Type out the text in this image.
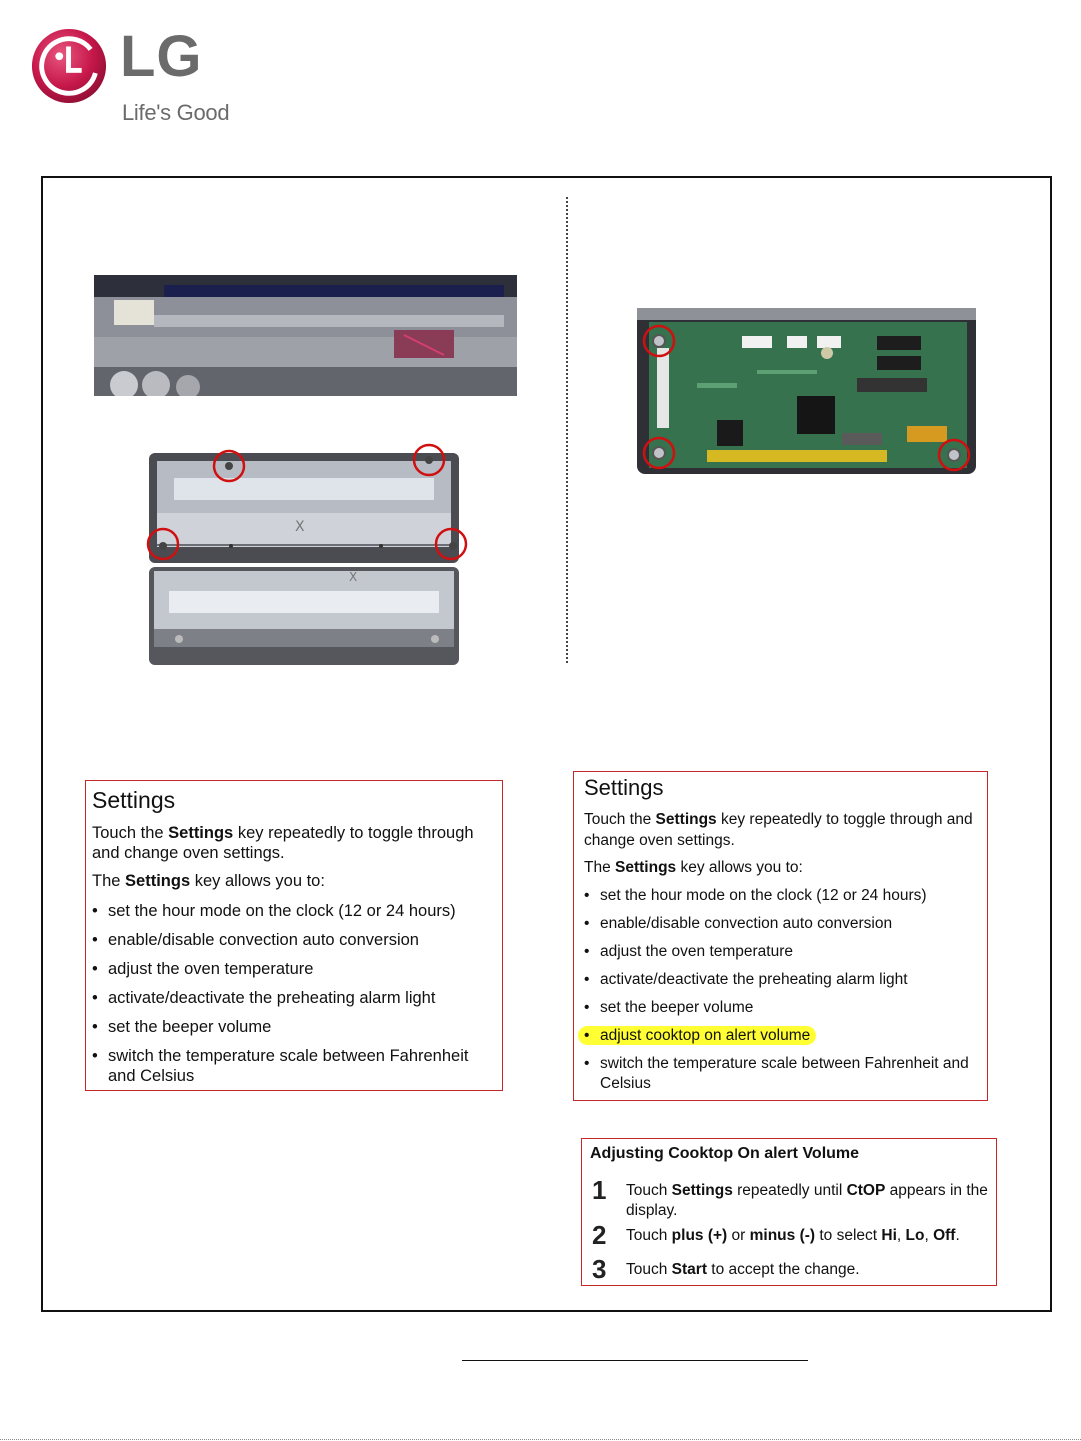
LG
Life's Good
X
X
Settings

Touch the Settings key repeatedly to toggle through and change oven settings.

The Settings key allows you to:

• set the hour mode on the clock (12 or 24 hours)
• enable/disable convection auto conversion
• adjust the oven temperature
• activate/deactivate the preheating alarm light
• set the beeper volume
• switch the temperature scale between Fahrenheit and Celsius
Settings

Touch the Settings key repeatedly to toggle through and change oven settings.

The Settings key allows you to:

• set the hour mode on the clock (12 or 24 hours)
• enable/disable convection auto conversion
• adjust the oven temperature
• activate/deactivate the preheating alarm light
• set the beeper volume
• adjust cooktop on alert volume
• switch the temperature scale between Fahrenheit and Celsius
Adjusting Cooktop On alert Volume
1 Touch Settings repeatedly until CtOP appears in the display.
2 Touch plus (+) or minus (-) to select Hi, Lo, Off.
3 Touch Start to accept the change.
